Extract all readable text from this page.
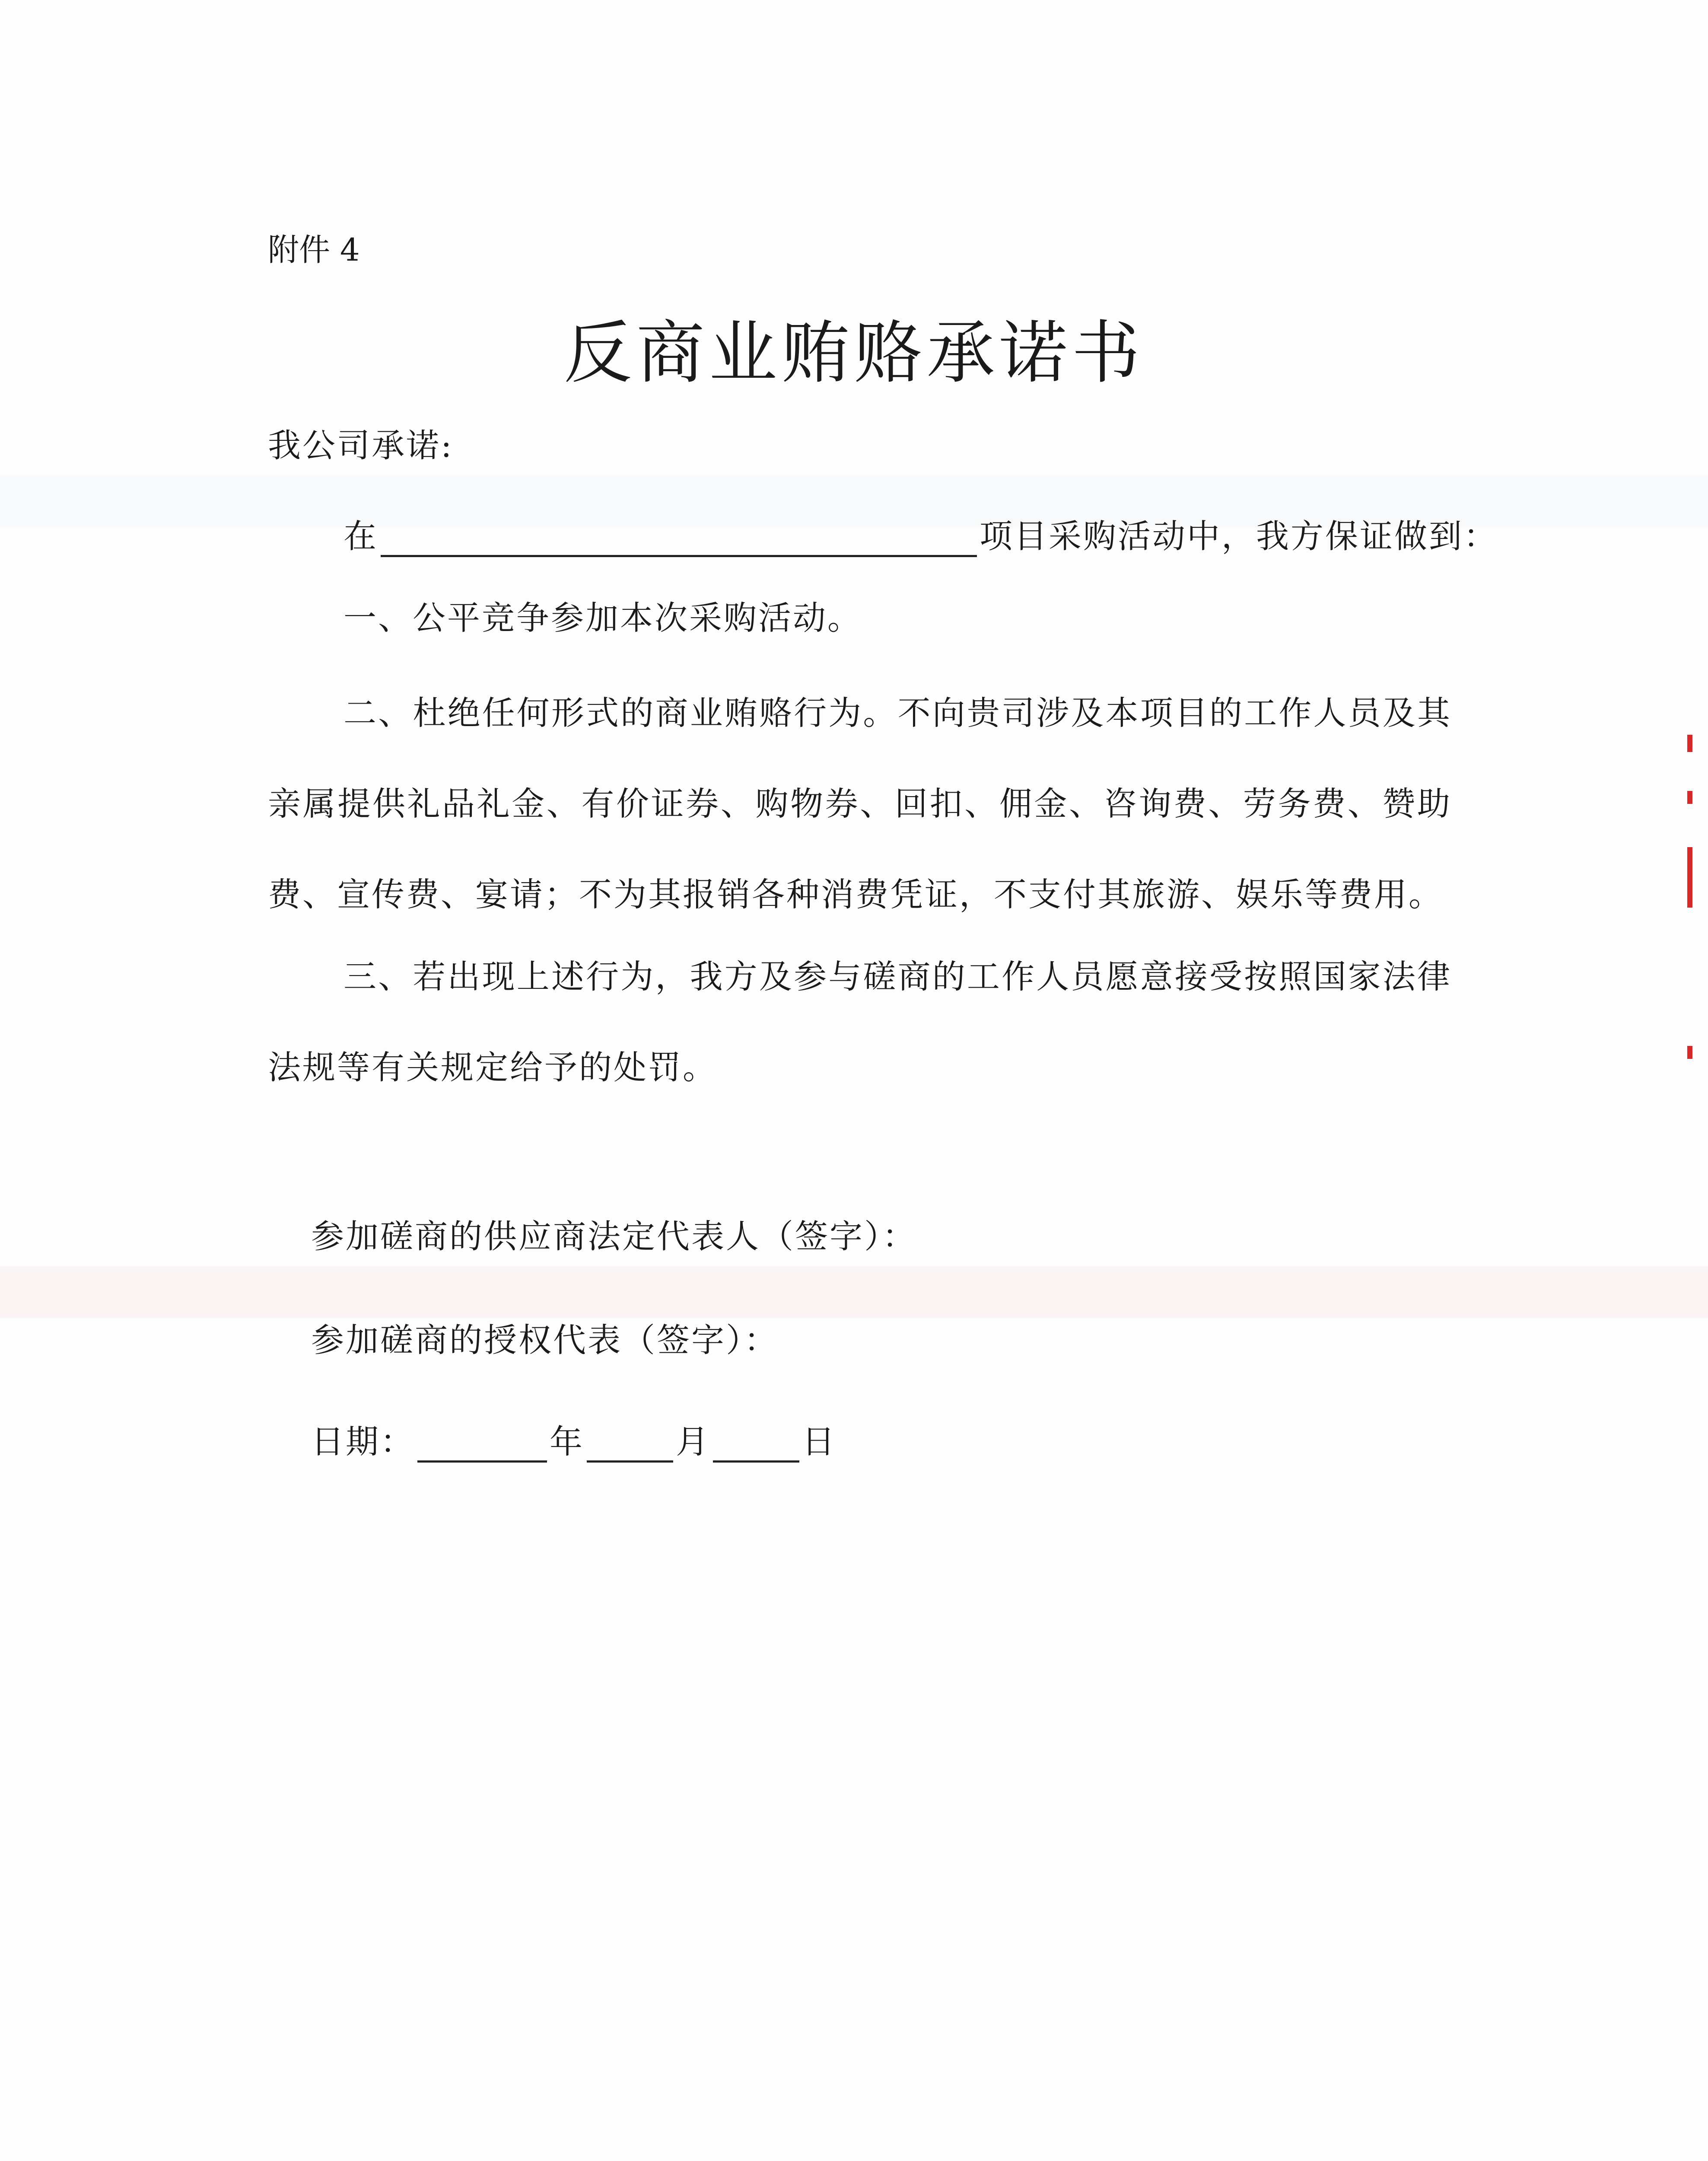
附件 4
反商业贿赂承诺书
我公司承诺:
在	项目采购活动中，我方保证做到：
一、公平竞争参加本次采购活动。
二、杜绝任何形式的商业贿赂行为。不向贵司涉及本项目的工作人员及其亲属提供礼品礼金、有价证券、购物券、回扣、佣金、咨询费、劳务费、赞助费、宣传费、宴请；不为其报销各种消费凭证，不支付其旅游、娱乐等费用。
三、若出现上述行为，我方及参与磋商的工作人员愿意接受按照国家法律法规等有关规定给予的处罚。
参加磋商的供应商法定代表人（签字）：
参加磋商的授权代表（签字）：
日期：	年	月	日
